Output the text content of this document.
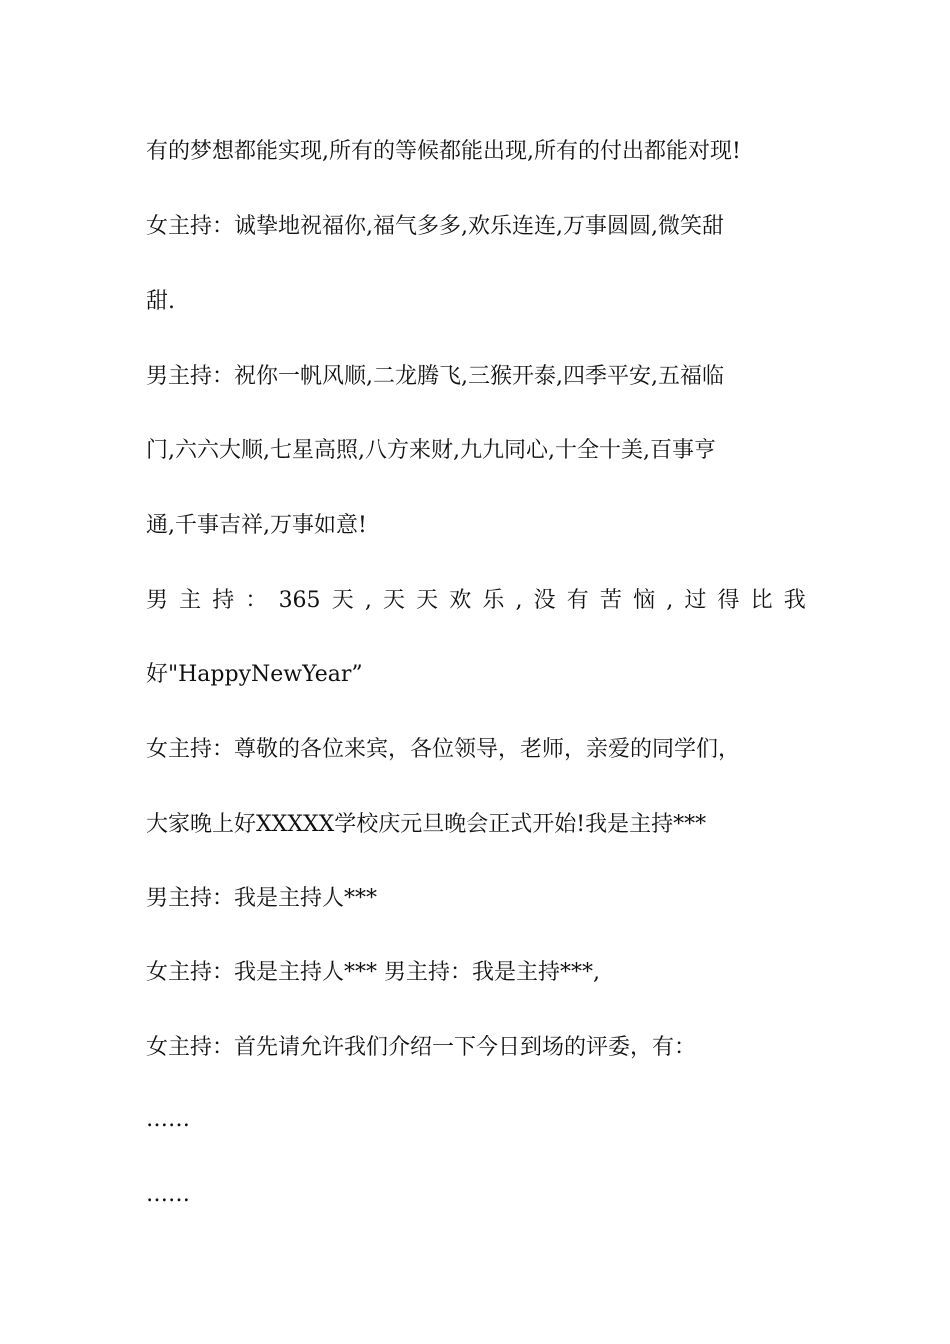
有的梦想都能实现,所有的等候都能出现,所有的付出都能对现!
女主持：诚挚地祝福你,福气多多,欢乐连连,万事圆圆,微笑甜
甜.
男主持：祝你一帆风顺,二龙腾飞,三猴开泰,四季平安,五福临
门,六六大顺,七星高照,八方来财,九九同心,十全十美,百事亨
通,千事吉祥,万事如意!
男 主 持 ： 365 天 , 天 天 欢 乐 , 没 有 苦 恼 , 过 得 比 我
好"HappyNewYear”
女主持：尊敬的各位来宾，各位领导，老师，亲爱的同学们，
大家晚上好XXXXX学校庆元旦晚会正式开始!我是主持***
男主持：我是主持人***
女主持：我是主持人*** 男主持：我是主持***,
女主持：首先请允许我们介绍一下今日到场的评委，有：
……
……
